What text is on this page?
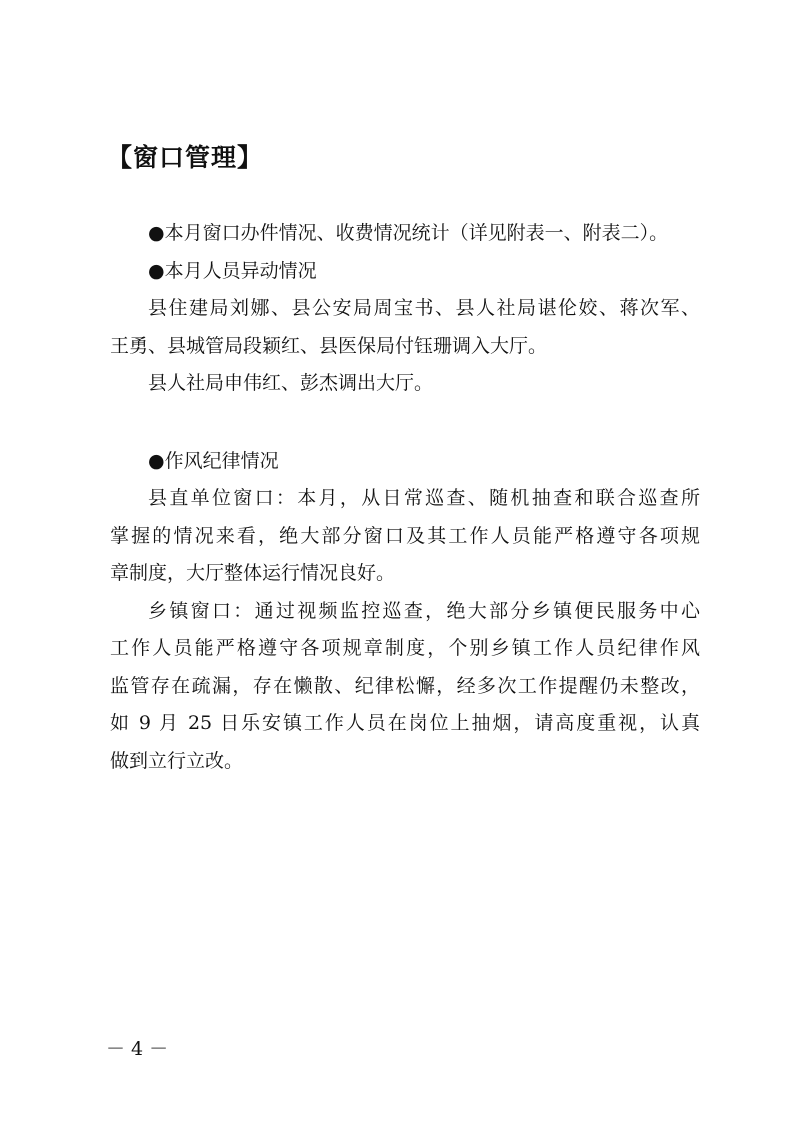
【窗口管理】
●本月窗口办件情况、收费情况统计（详见附表一、附表二）。
●本月人员异动情况
县住建局刘娜、县公安局周宝书、县人社局谌伦姣、蒋次军、
王勇、县城管局段颖红、县医保局付钰珊调入大厅。
县人社局申伟红、彭杰调出大厅。
●作风纪律情况
县直单位窗口：本月，从日常巡查、随机抽查和联合巡查所
掌握的情况来看，绝大部分窗口及其工作人员能严格遵守各项规
章制度，大厅整体运行情况良好。
乡镇窗口：通过视频监控巡查，绝大部分乡镇便民服务中心
工作人员能严格遵守各项规章制度，个别乡镇工作人员纪律作风
监管存在疏漏，存在懒散、纪律松懈，经多次工作提醒仍未整改，
如 9 月 25 日乐安镇工作人员在岗位上抽烟，请高度重视，认真
做到立行立改。
－ 4 －
